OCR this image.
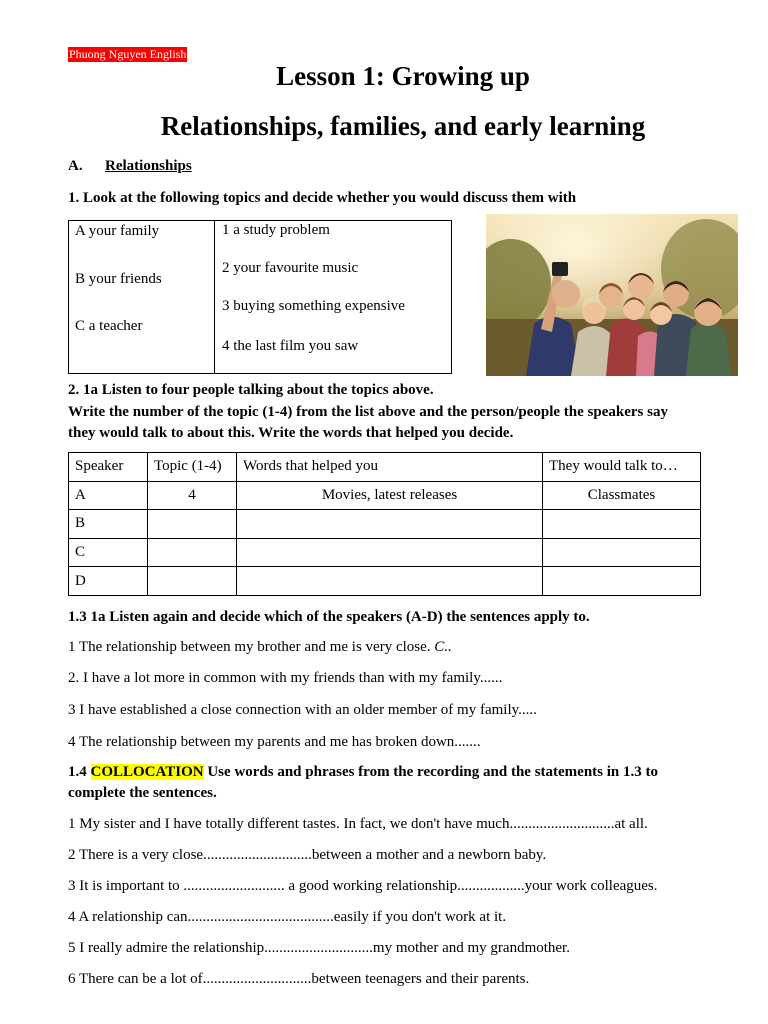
Phuong Nguyen English
Lesson 1: Growing up
Relationships, families, and early learning
A. Relationships
1. Look at the following topics and decide whether you would discuss them with
A your family
B your friends
C a teacher

1 a study problem
2 your favourite music
3 buying something expensive
4 the last film you saw
2. 1a Listen to four people talking about the topics above.
Write the number of the topic (1-4) from the list above and the person/people the speakers say
they would talk to about this. Write the words that helped you decide.
Speaker	Topic (1-4)	Words that helped you	They would talk to…
A	4	Movies, latest releases	Classmates
B			
C			
D			
1.3 1a Listen again and decide which of the speakers (A-D) the sentences apply to.
1 The relationship between my brother and me is very close. C..
2. I have a lot more in common with my friends than with my family......
3 I have established a close connection with an older member of my family.....
4 The relationship between my parents and me has broken down.......
1.4 COLLOCATION Use words and phrases from the recording and the statements in 1.3 to
complete the sentences.
1 My sister and I have totally different tastes. In fact, we don't have much............................at all.
2 There is a very close.............................between a mother and a newborn baby.
3 It is important to ........................... a good working relationship..................your work colleagues.
4 A relationship can.......................................easily if you don't work at it.
5 I really admire the relationship.............................my mother and my grandmother.
6 There can be a lot of.............................between teenagers and their parents.
